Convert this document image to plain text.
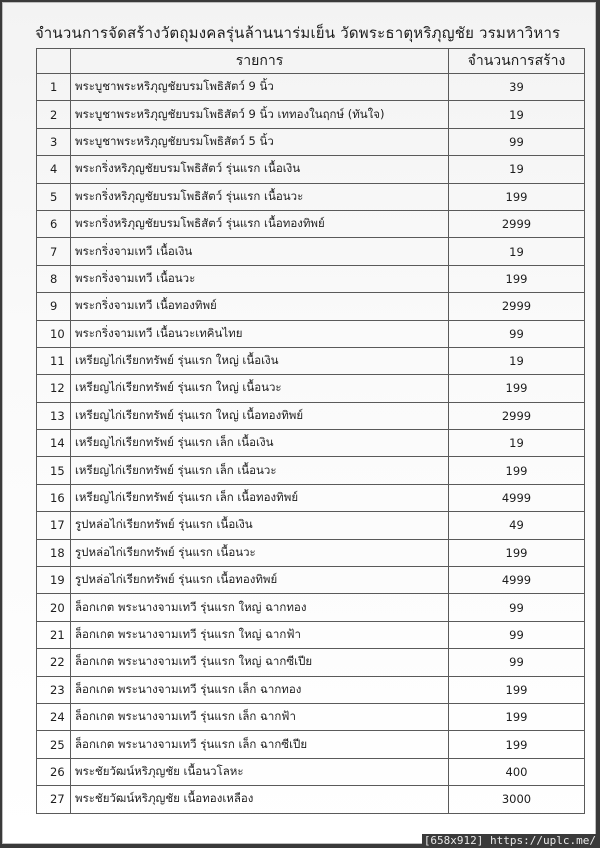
จำนวนการจัดสร้างวัตถุมงคลรุ่นล้านนาร่มเย็น วัดพระธาตุหริภุญชัย วรมหาวิหาร
	รายการ	จำนวนการสร้าง
1	พระบูชาพระหริภุญชัยบรมโพธิสัตว์ 9 นิ้ว	39
2	พระบูชาพระหริภุญชัยบรมโพธิสัตว์ 9 นิ้ว เททองในฤกษ์ (ทันใจ)	19
3	พระบูชาพระหริภุญชัยบรมโพธิสัตว์ 5 นิ้ว	99
4	พระกริ่งหริภุญชัยบรมโพธิสัตว์ รุ่นแรก เนื้อเงิน	19
5	พระกริ่งหริภุญชัยบรมโพธิสัตว์ รุ่นแรก เนื้อนวะ	199
6	พระกริ่งหริภุญชัยบรมโพธิสัตว์ รุ่นแรก เนื้อทองทิพย์	2999
7	พระกริ่งจามเทวี เนื้อเงิน	19
8	พระกริ่งจามเทวี เนื้อนวะ	199
9	พระกริ่งจามเทวี เนื้อทองทิพย์	2999
10	พระกริ่งจามเทวี เนื้อนวะเทคินไทย	99
11	เหรียญไก่เรียกทรัพย์ รุ่นแรก ใหญ่ เนื้อเงิน	19
12	เหรียญไก่เรียกทรัพย์ รุ่นแรก ใหญ่ เนื้อนวะ	199
13	เหรียญไก่เรียกทรัพย์ รุ่นแรก ใหญ่ เนื้อทองทิพย์	2999
14	เหรียญไก่เรียกทรัพย์ รุ่นแรก เล็ก เนื้อเงิน	19
15	เหรียญไก่เรียกทรัพย์ รุ่นแรก เล็ก เนื้อนวะ	199
16	เหรียญไก่เรียกทรัพย์ รุ่นแรก เล็ก เนื้อทองทิพย์	4999
17	รูปหล่อไก่เรียกทรัพย์ รุ่นแรก เนื้อเงิน	49
18	รูปหล่อไก่เรียกทรัพย์ รุ่นแรก เนื้อนวะ	199
19	รูปหล่อไก่เรียกทรัพย์ รุ่นแรก เนื้อทองทิพย์	4999
20	ล็อกเกต พระนางจามเทวี รุ่นแรก ใหญ่ ฉากทอง	99
21	ล็อกเกต พระนางจามเทวี รุ่นแรก ใหญ่ ฉากฟ้า	99
22	ล็อกเกต พระนางจามเทวี รุ่นแรก ใหญ่ ฉากซีเปีย	99
23	ล็อกเกต พระนางจามเทวี รุ่นแรก เล็ก ฉากทอง	199
24	ล็อกเกต พระนางจามเทวี รุ่นแรก เล็ก ฉากฟ้า	199
25	ล็อกเกต พระนางจามเทวี รุ่นแรก เล็ก ฉากซีเปีย	199
26	พระชัยวัฒน์หริภุญชัย เนื้อนวโลหะ	400
27	พระชัยวัฒน์หริภุญชัย เนื้อทองเหลือง	3000
[658x912] https://uplc.me/
